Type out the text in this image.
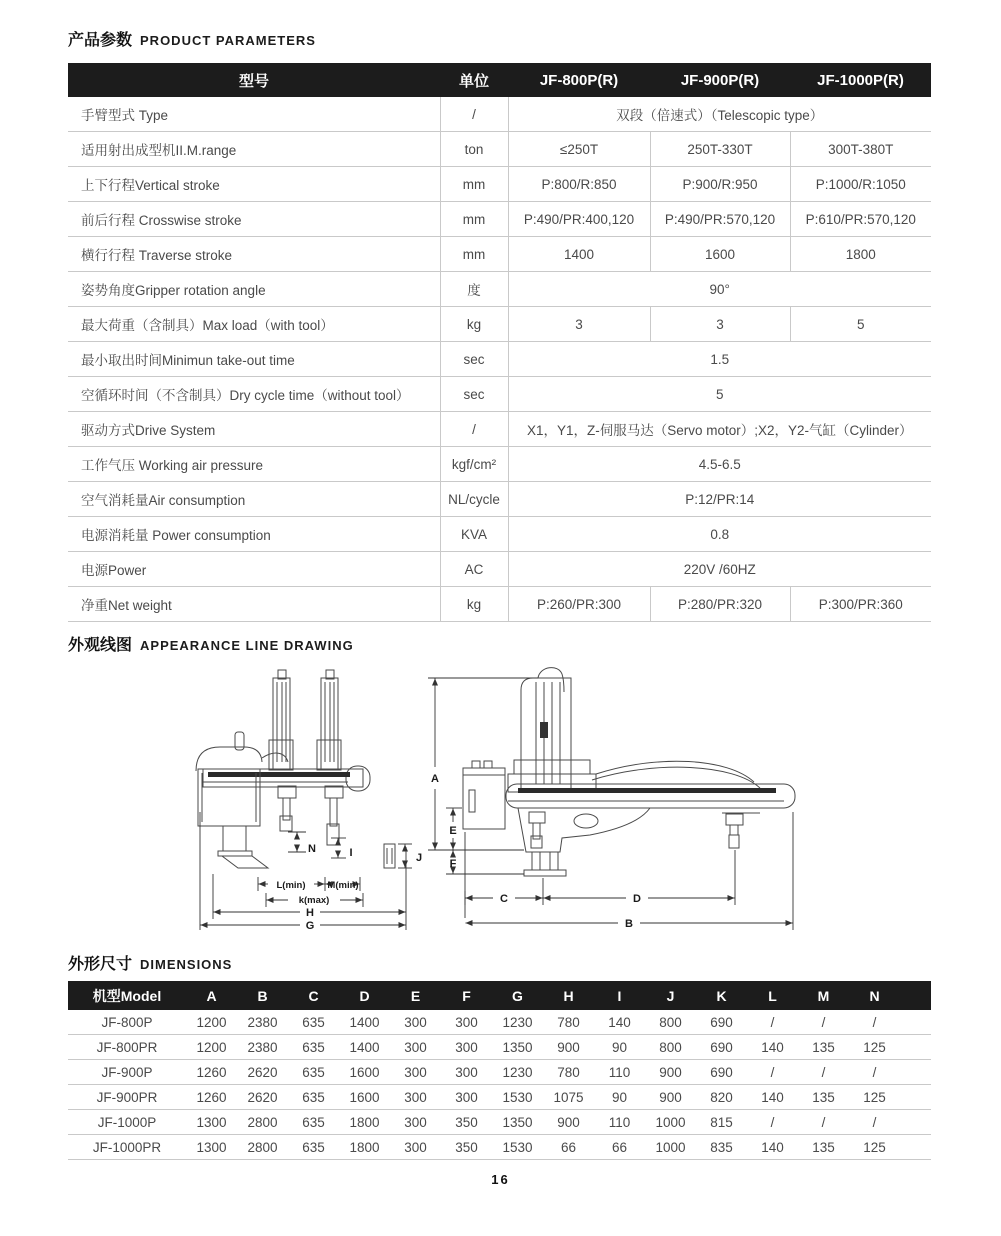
产品参数 PRODUCT PARAMETERS
型号	单位	JF-800P(R)	JF-900P(R)	JF-1000P(R)
手臂型式 Type	/	双段（倍速式）（Telescopic type）		
适用射出成型机II.M.range	ton	≤250T	250T-330T	300T-380T
上下行程Vertical stroke	mm	P:800/R:850	P:900/R:950	P:1000/R:1050
前后行程 Crosswise stroke	mm	P:490/PR:400,120	P:490/PR:570,120	P:610/PR:570,120
横行行程 Traverse stroke	mm	1400	1600	1800
姿势角度Gripper rotation angle	度	90°		
最大荷重（含制具）Max load（with tool）	kg	3	3	5
最小取出时间Minimun take-out time	sec	1.5		
空循环时间（不含制具）Dry cycle time（without tool）	sec	5		
驱动方式Drive System	/	X1，Y1，Z-伺服马达（Servo motor）;X2，Y2-气缸（Cylinder）		
工作气压 Working air pressure	kgf/cm²	4.5-6.5		
空气消耗量Air consumption	NL/cycle	P:12/PR:14		
电源消耗量 Power consumption	KVA	0.8		
电源Power	AC	220V /60HZ		
净重Net weight	kg	P:260/PR:300	P:280/PR:320	P:300/PR:360
外观线图 APPEARANCE LINE DRAWING
N	I	J
L(min) M(min)
k(max)
H
G
A
E
F
C	D
B
外形尺寸 DIMENSIONS
机型Model	A	B	C	D	E	F	G	H	I	J	K	L	M	N	
JF-800P	1200	2380	635	1400	300	300	1230	780	140	800	690	/	/	/	
JF-800PR	1200	2380	635	1400	300	300	1350	900	90	800	690	140	135	125	
JF-900P	1260	2620	635	1600	300	300	1230	780	110	900	690	/	/	/	
JF-900PR	1260	2620	635	1600	300	300	1530	1075	90	900	820	140	135	125	
JF-1000P	1300	2800	635	1800	300	350	1350	900	110	1000	815	/	/	/	
JF-1000PR	1300	2800	635	1800	300	350	1530	66	66	1000	835	140	135	125	
16
